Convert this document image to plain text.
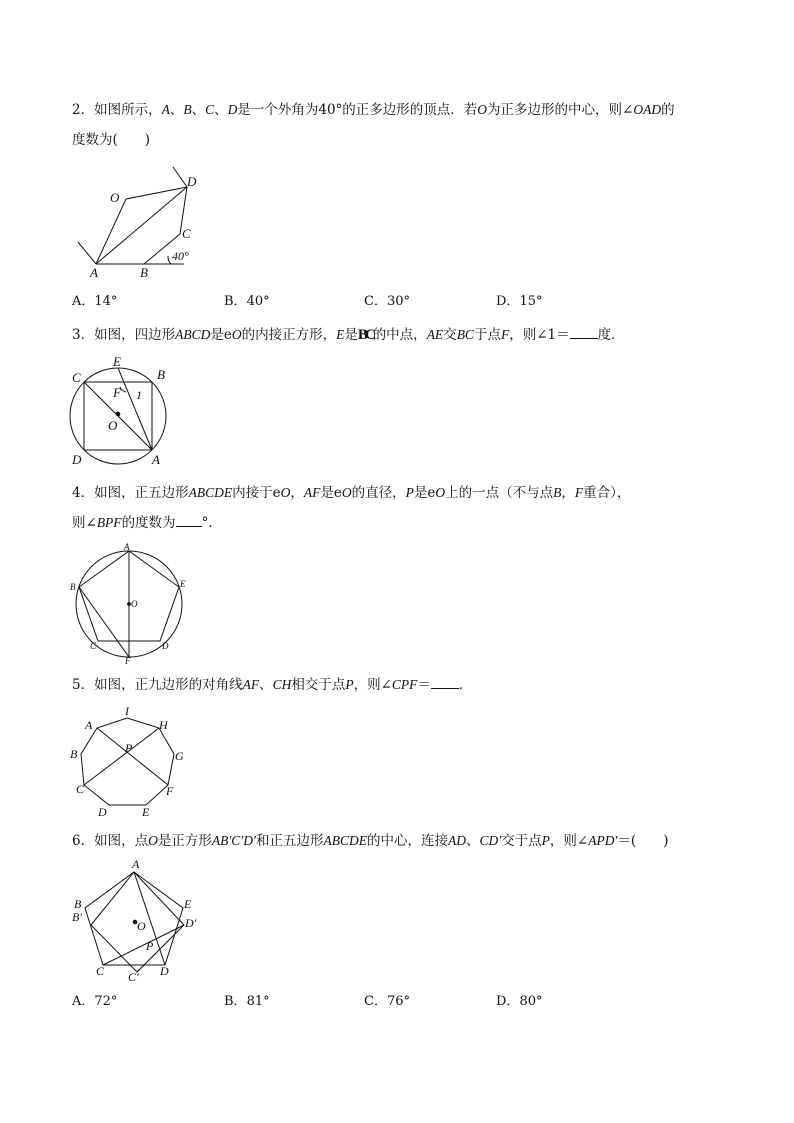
2．如图所示，A、B、C、D是一个外角为40°的正多边形的顶点．若O为正多边形的中心，则∠OAD的
度数为(　　)
O
D
C
A	B
40°
A．14°	B．40°	C．30°	D．15°
3．如图，四边形ABCD是eO的内接正方形，E是BC的中点，AE交BC于点F，则∠1＝ 度．
E
C	B
F 1
O
D	A
4．如图，正五边形ABCDE内接于eO，AF是eO的直径，P是eO上的一点（不与点B，F重合），
则∠BPF的度数为 °．
A
B	E
O
C	D
F
5．如图，正九边形的对角线AF、CH相交于点P，则∠CPF＝ ．
A
I
H
B	P
G
C	F
D	E
6．如图，点O是正方形AB′C′D′和正五边形ABCDE的中心，连接AD、CD′交于点P，则∠APD′＝(　　)
A
B
B′
E
D′
O
P
C C′ D
A．72°	B．81°	C．76°	D．80°
